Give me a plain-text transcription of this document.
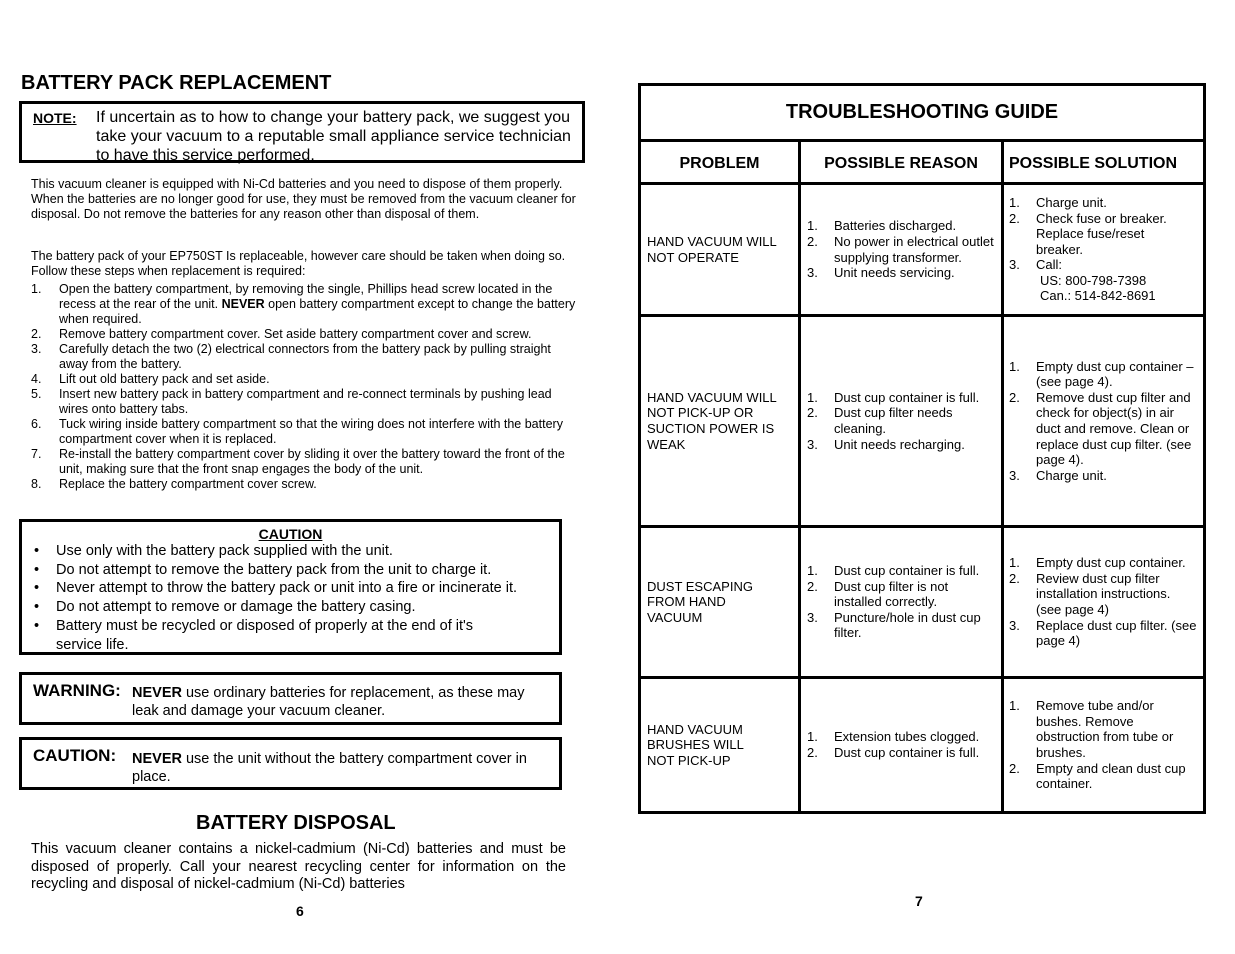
BATTERY PACK REPLACEMENT
NOTE: If uncertain as to how to change your battery pack, we suggest you take your vacuum to a reputable small appliance service technician to have this service performed.
This vacuum cleaner is equipped with Ni-Cd batteries and you need to dispose of them properly. When the batteries are no longer good for use, they must be removed from the vacuum cleaner for disposal. Do not remove the batteries for any reason other than disposal of them.
The battery pack of your EP750ST Is replaceable, however care should be taken when doing so. Follow these steps when replacement is required:
1. Open the battery compartment, by removing the single, Phillips head screw located in the recess at the rear of the unit. NEVER open battery compartment except to change the battery when required.
2. Remove battery compartment cover. Set aside battery compartment cover and screw.
3. Carefully detach the two (2) electrical connectors from the battery pack by pulling straight away from the battery.
4. Lift out old battery pack and set aside.
5. Insert new battery pack in battery compartment and re-connect terminals by pushing lead wires onto battery tabs.
6. Tuck wiring inside battery compartment so that the wiring does not interfere with the battery compartment cover when it is replaced.
7. Re-install the battery compartment cover by sliding it over the battery toward the front of the unit, making sure that the front snap engages the body of the unit.
8. Replace the battery compartment cover screw.
CAUTION
• Use only with the battery pack supplied with the unit.
• Do not attempt to remove the battery pack from the unit to charge it.
• Never attempt to throw the battery pack or unit into a fire or incinerate it.
• Do not attempt to remove or damage the battery casing.
• Battery must be recycled or disposed of properly at the end of it's service life.
WARNING: NEVER use ordinary batteries for replacement, as these may leak and damage your vacuum cleaner.
CAUTION: NEVER use the unit without the battery compartment cover in place.
BATTERY DISPOSAL
This vacuum cleaner contains a nickel-cadmium (Ni-Cd) batteries and must be disposed of properly. Call your nearest recycling center for information on the recycling and disposal of nickel-cadmium (Ni-Cd) batteries
6
TROUBLESHOOTING GUIDE
PROBLEM	POSSIBLE REASON	POSSIBLE SOLUTION
HAND VACUUM WILL NOT OPERATE
1. Batteries discharged.
2. No power in electrical outlet supplying transformer.
3. Unit needs servicing.
1. Charge unit.
2. Check fuse or breaker. Replace fuse/reset breaker.
3. Call:
US: 800-798-7398
Can.: 514-842-8691
HAND VACUUM WILL NOT PICK-UP OR SUCTION POWER IS WEAK
1. Dust cup container is full.
2. Dust cup filter needs cleaning.
3. Unit needs recharging.
1. Empty dust cup container – (see page 4).
2. Remove dust cup filter and check for object(s) in air duct and remove. Clean or replace dust cup filter. (see page 4).
3. Charge unit.
DUST ESCAPING FROM HAND VACUUM
1. Dust cup container is full.
2. Dust cup filter is not installed correctly.
3. Puncture/hole in dust cup filter.
1. Empty dust cup container.
2. Review dust cup filter installation instructions. (see page 4)
3. Replace dust cup filter. (see page 4)
HAND VACUUM BRUSHES WILL NOT PICK-UP
1. Extension tubes clogged.
2. Dust cup container is full.
1. Remove tube and/or bushes. Remove obstruction from tube or brushes.
2. Empty and clean dust cup container.
7
